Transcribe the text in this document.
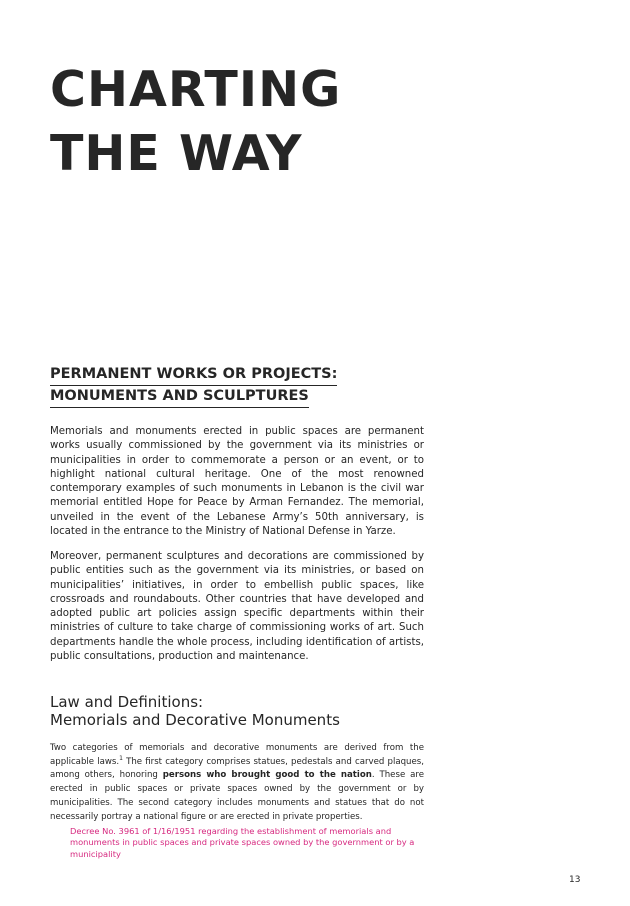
CHARTING
THE WAY
PERMANENT WORKS OR PROJECTS:
MONUMENTS AND SCULPTURES

Memorials and monuments erected in public spaces are permanent works usually commissioned by the government via its ministries or municipalities in order to commemorate a person or an event, or to highlight national cultural heritage. One of the most renowned contemporary examples of such monuments in Lebanon is the civil war memorial entitled Hope for Peace by Arman Fernandez. The memorial, unveiled in the event of the Lebanese Army’s 50th anniversary, is located in the entrance to the Ministry of National Defense in Yarze.

Moreover, permanent sculptures and decorations are commissioned by public entities such as the government via its ministries, or based on municipalities’ initiatives, in order to embellish public spaces, like crossroads and roundabouts. Other countries that have developed and adopted public art policies assign specific departments within their ministries of culture to take charge of commissioning works of art. Such departments handle the whole process, including identification of artists, public consultations, production and maintenance.

Law and Definitions:
Memorials and Decorative Monuments

Two categories of memorials and decorative monuments are derived from the applicable laws.$^1$ The first category comprises statues, pedestals and carved plaques, among others, honoring persons who brought good to the nation. These are erected in public spaces or private spaces owned by the government or by municipalities. The second category includes monuments and statues that do not necessarily portray a national figure or are erected in private properties.

Decree No. 3961 of 1/16/1951 regarding the establishment of memorials and monuments in public spaces and private spaces owned by the government or by a municipality

13
